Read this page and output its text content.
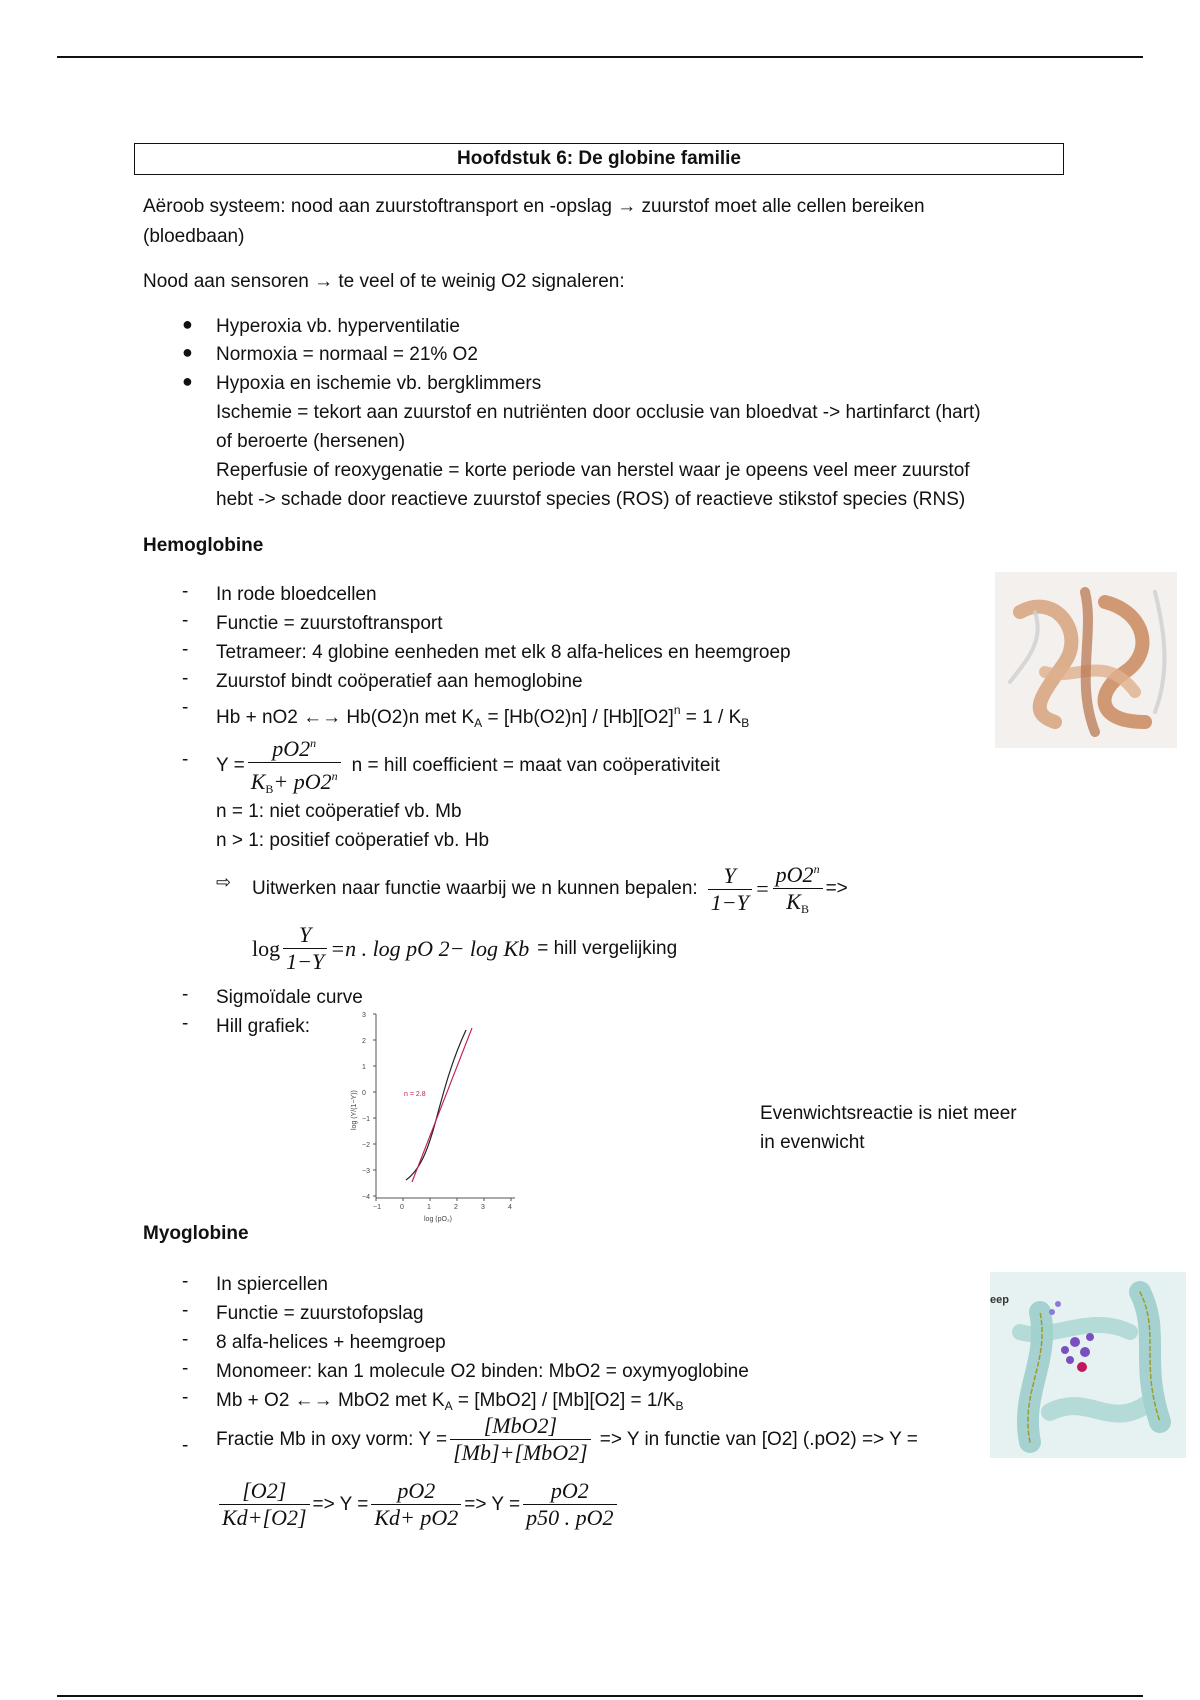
Hoofdstuk 6: De globine familie
Aëroob systeem: nood aan zuurstoftransport en -opslag → zuurstof moet alle cellen bereiken
(bloedbaan)
Nood aan sensoren → te veel of te weinig O2 signaleren:
● Hyperoxia vb. hyperventilatie
● Normoxia = normaal = 21% O2
● Hypoxia en ischemie vb. bergklimmers
Ischemie = tekort aan zuurstof en nutriënten door occlusie van bloedvat -> hartinfarct (hart)
of beroerte (hersenen)
Reperfusie of reoxygenatie = korte periode van herstel waar je opeens veel meer zuurstof
hebt -> schade door reactieve zuurstof species (ROS) of reactieve stikstof species (RNS)
Hemoglobine
- In rode bloedcellen
- Functie = zuurstoftransport
- Tetrameer: 4 globine eenheden met elk 8 alfa-helices en heemgroep
- Zuurstof bindt coöperatief aan hemoglobine
- Hb + nO2 ←→ Hb(O2)n met $K_A = [Hb(O2)n] / [Hb][O2]^n = 1 / K_B$
- $Y = \frac{pO2^n}{K_B+ pO2^n}$ n = hill coefficient = maat van coöperativiteit
n = 1: niet coöperatief vb. Mb
n > 1: positief coöperatief vb. Hb
⇨ Uitwerken naar functie waarbij we n kunnen bepalen: $\frac{Y}{1-Y} = \frac{pO2^n}{K_B}$ =>
$\log \frac{Y}{1-Y} =n$ . log pO 2− log Kb = hill vergelijking
- Sigmoïdale curve
- Hill grafiek:
3
2
1
0
−1
−2
−3
−4
−1	0	1	2	3	4
n = 2.8
log (pO₂)
log (Y/(1−Y))	Evenwichtsreactie is niet meer
in evenwicht
Myoglobine
- In spiercellen
- Functie = zuurstofopslag
- 8 alfa-helices + heemgroep
- Monomeer: kan 1 molecule O2 binden: MbO2 = oxymyoglobine
- Mb + O2 ←→ MbO2 met $K_A = [MbO2] / [Mb][O2] = 1/K_B$
- Fractie Mb in oxy vorm: $Y = \frac{\text{[MbO2]}}{\text{[Mb]+[MbO2]}} => Y$ in functie van [O2] (.pO2) => Y =
$\frac{[O2]}{Kd+[O2]} => Y = \frac{pO2}{Kd+ pO2} => Y = \frac{pO2}{p50 . pO2}$
eep
